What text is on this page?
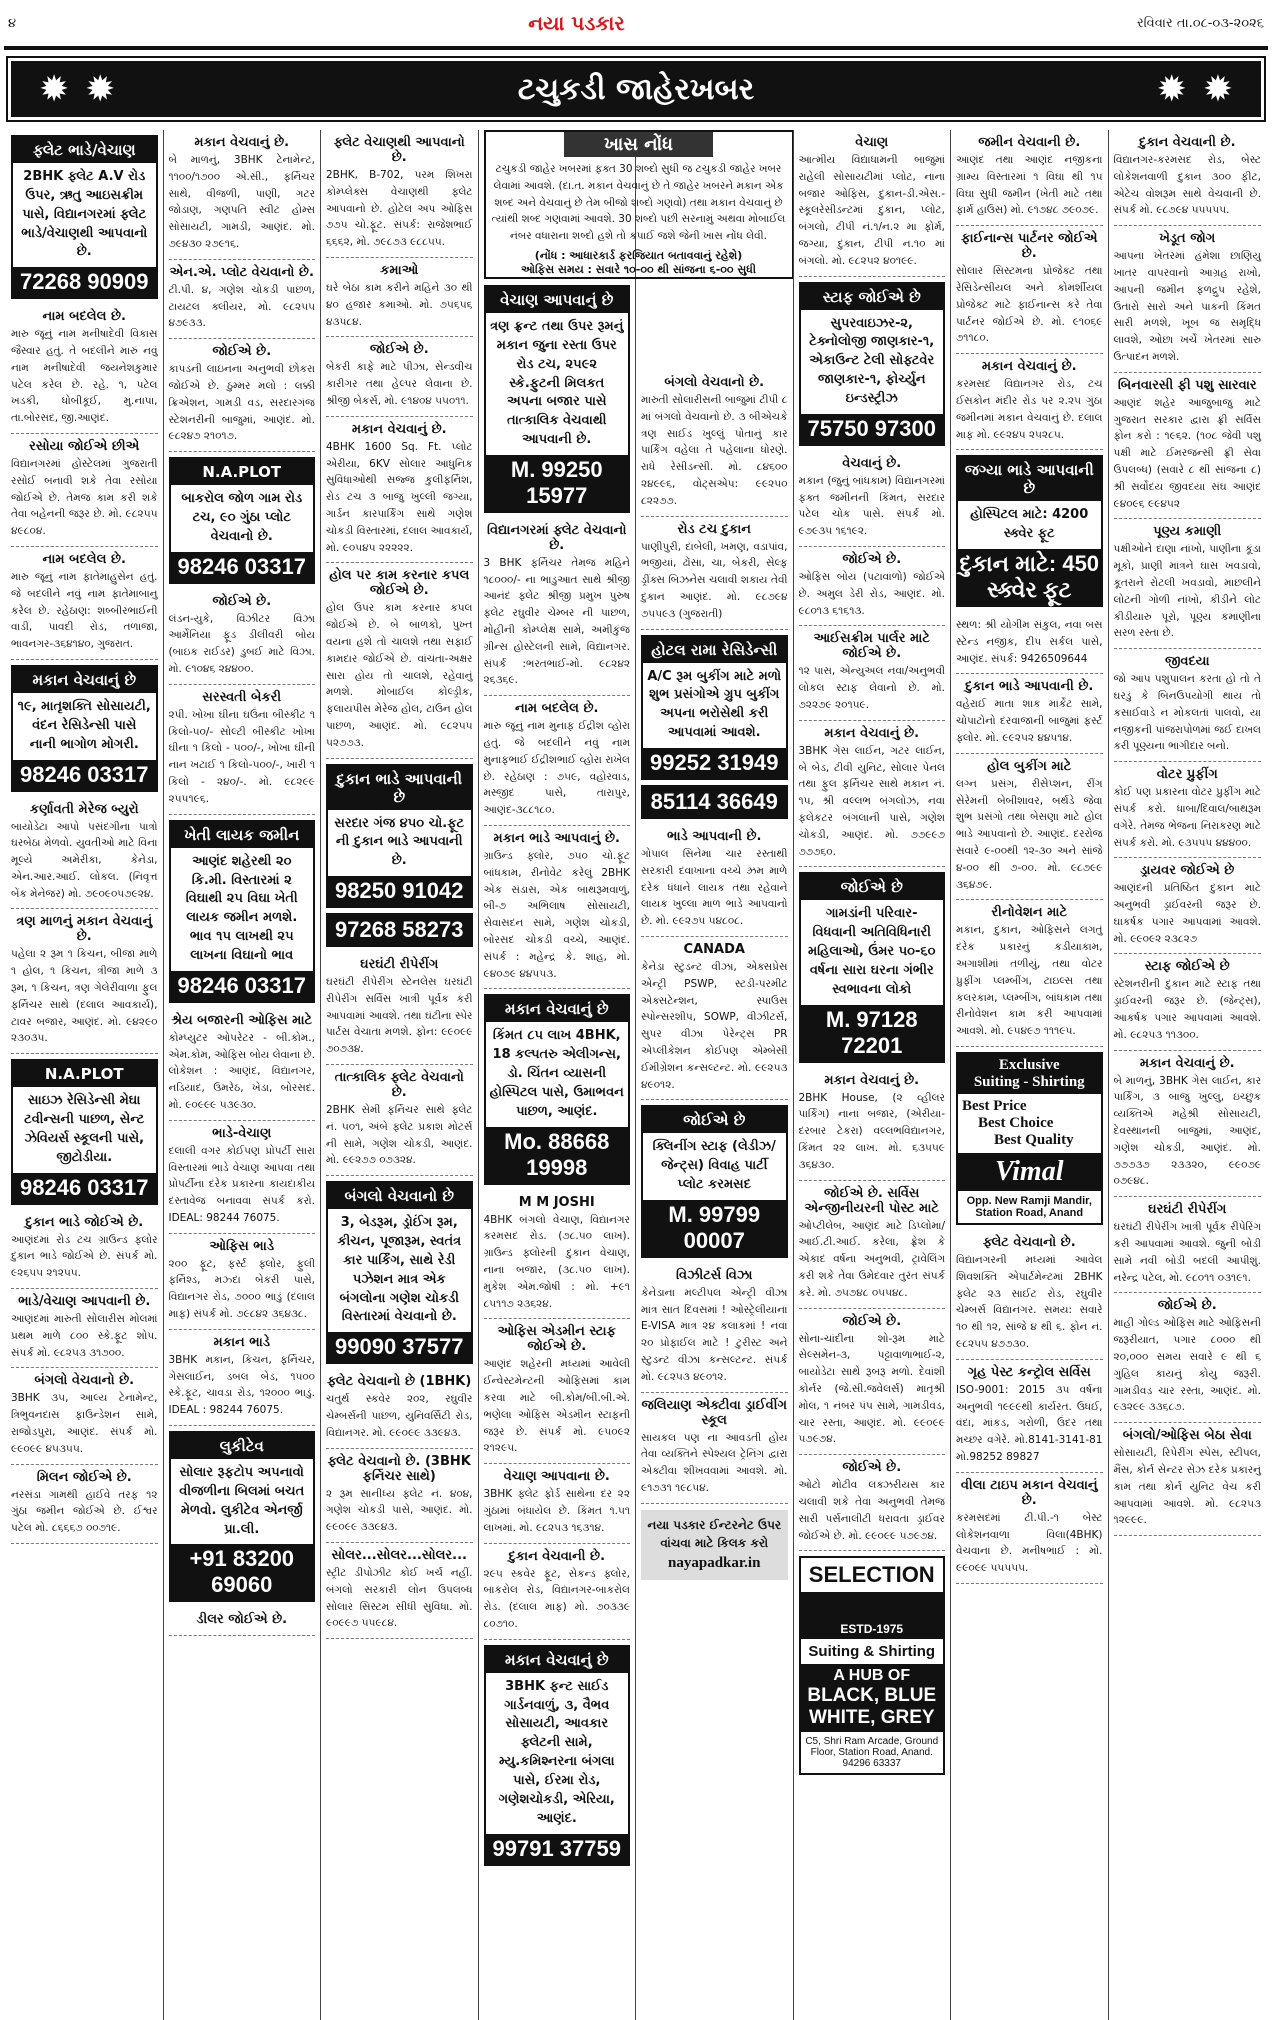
૪	નયા પડકાર	રવિવાર તા.૦૮-૦૩-૨૦૨૬
✹ ✹	ટચુકડી જાહેરખબર	✹ ✹
ફ્લેટ ભાડે/વેચાણ
2BHK ફ્લેટ A.V રોડ ઉપર, ઋતુ આઇસક્રીમ પાસે, વિદ્યાનગરમાં ફ્લેટ ભાડે/વેચાણથી આપવાનો છે.
72268 90909
નામ બદલેલ છે.
મારુ જૂનું નામ મનીષાદેવી વિકાસ જૈસ્વાર હતું. તે બદલીને મારું નવું નામ મનીષાદેવી જયનેશકુમાર પટેલ કરેલ છે. રહે. ૧, પટેલ ખડકી, ધોબીકૂઈ, મુ.નાપા, તા.બોરસદ, જી.આણંદ.
રસોયા જોઈએ છીએ
વિદ્યાનગરમાં હોસ્ટેલમાં ગુજરાતી રસોઈ બનાવી શકે તેવા રસોયા જોઈએ છે. તેમજ કામ કરી શકે તેવા બહેનની જરૂર છે. મો. ૯૮૨૫૫ ૪૯૮૦૪.
નામ બદલેલ છે.
મારુ જૂનું નામ ફાતેમાહુસેન હતું. જે બદલીને નવું નામ ફાતેમાબાનુ કરેલ છે. રહેઠાણ: શબ્બીરભાઈની વાડી, પાવદી રોડ, તળાજા, ભાવનગર-૩૬૪૧૪૦, ગુજરાત.
મકાન વેચવાનું છે
૧૯, માતૃશક્તિ સોસાયટી, વંદન રેસિડેન્સી પાસે નાની ભાગોળ મોગરી.
98246 03317
કર્ણાવતી મેરેજ બ્યુરો
બાયોડેટા આપો પસંદગીના પાત્રો ઘરબેઠા મેળવો. યુવતીઓ માટે વિના મૂલ્યે અમેરીકા, કેનેડા, એન.આર.આઈ. લોકલ. (નિવૃત્ત બેંક મેનેજર) મો. ૭૯૦૯૦૫૭૯૨૪.
ત્રણ માળનું મકાન વેચવાનું છે.
પહેલા ૨ રૂમ ૧ કિચન, બીજા માળે ૧ હોલ, ૧ કિચન, ત્રીજા માળે ૩ રૂમ, ૧ કિચન, ત્રણ ગેલેરીવાળા ફુલ ફર્નિચર સાથે (દલાલ આવકાર્ય), ટાવર બજાર, આણંદ. મો. ૯૪૨૯૦ ૨૩૦૩૫.
N.A.PLOT
સાઇઝ રેસિડેન્સી મેઘા ટવીન્સની પાછળ, સેન્ટ ઝેવિયર્સ સ્કૂલની પાસે, જીટોડીયા.
98246 03317
દુકાન ભાડે જોઈએ છે.
આણંદમાં રોડ ટચ ગ્રાઉન્ડ ફ્લોર દુકાન ભાડે જોઈએ છે. સંપર્ક મો. ૯૨૬૫૫ ૨૧૨૫૫.
ભાડે/વેચાણ આપવાની છે.
આણંદમાં મારુતી સોલારીસ મોલમાં પ્રથમ માળે ૮૦૦ સ્કે.ફૂટ શોપ. સંપર્ક મો. ૯૮૨૫૩ ૩૧૭૦૦.
બંગલો વેચવાનો છે.
3BHK ૩૫, આલ્ય ટેનામેન્ટ, ત્રિભુવનદાસ ફાઉન્ડેશન સામે, રાજોડપુરા, આણંદ. સંપર્ક મો. ૯૯૦૯૯ ૪૫૩૫૫.
મિલન જોઈએ છે.
નરસંડા ગામથી હાઈવે તરફ ૧૨ ગુંઠા જમીન જોઈએ છે. ઈશ્વર પટેલ મો. ૮૬૬૬૭ ૦૦૭૧૯.
મકાન વેચવાનું છે.
બે માળનું, 3BHK ટેનામેન્ટ, ૧૧૦૦/૧૭૦૦ એ.સી., ફર્નિચર સાથે, વીજળી, પાણી, ગટર જોડાણ, ગણપતિ સ્વીટ હોમ્સ સોસાયટી, ગામડી, આણંદ. મો. ૭૯૪૩૦ ૨૭૯૧૬.
એન.એ. પ્લોટ વેચવાનો છે.
ટી.પી. ૪, ગણેશ ચોકડી પાછળ, ટાયટલ ક્લીયર, મો. ૯૮૨૫૫ ૪૭૯૩૩.
જોઈએ છે.
કાપડની લાઇનના અનુભવી છોકરા જોઈએ છે. ઠુમ્મર મલો : લક્કી ક્રિએશન, ગામડી વડ, સરદારગંજ સ્ટેશનરીની બાજુમાં, આણંદ. મો. ૯૮૨૪૭ ૨૧૦૧૭.
N.A.PLOT
બાકરોલ જોળ ગામ રોડ ટચ, ૯૦ ગુંઠા પ્લોટ વેચવાનો છે.
98246 03317
જોઈએ છે.
લંડન-યુકે, વિઝીટર વિઝા આર્મેનિયા ફૂડ ડીલીવરી બોય (બાઇક રાઈડર) ડુબઈ માટે વિઝા. મો. ૯૧૦૪૬ ૨૪૪૦૦.
સરસ્વતી બેકરી
૨પી. ખોખા ઘીના ઘઉંના બીસ્કીટ ૧ કિલો-૫૦/- સોલ્ટી બીસ્કીટ ખોખા ઘીના ૧ કિલો - ૫૦૦/-, ખોખા ઘીની નાન ખટાઈ ૧ કિલો-૫૦૦/-, ખારી ૧ કિલો - ૨૪૦/-. મો. ૯૮૨૯૯ ૨૫૫૧૯૬.
ખેતી લાયક જમીન
આણંદ શહેરથી ૨૦ કિ.મી. વિસ્તારમાં ૨ વિઘાથી ૨૫ વિઘા ખેતી લાયક જમીન મળશે. ભાવ ૧૫ લાખથી ૨૫ લાખના વિઘાનો ભાવ
98246 03317
શ્રેય બજારની ઓફિસ માટે
કોમ્પ્યુટર ઓપરેટર - બી.કોમ., એમ.કોમ, ઓફિસ બોય લેવાના છે. લોકેશન : આણંદ, વિદ્યાનગર, નડિયાદ, ઉમરેઠ, ખેડા, બોરસદ. મો. ૯૦૯૯૯ ૫૩૯૩૦.
ભાડે-વેચાણ
દલાલી વગર કોઈપણ પ્રોપર્ટી સારા વિસ્તારમાં ભાડે વેચાણ આપવા તથા પ્રોપર્ટીના દરેક પ્રકારના કાયદાકીય દસ્તાવેજ બનાવવા સંપર્ક કરો. IDEAL: 98244 76075.
ઓફિસ ભાડે
૨૦૦ ફૂટ, ફર્સ્ટ ફ્લોર, ફુલી ફર્નિશ્ડ, મઝ્દા બેકરી પાસે, વિદ્યાનગર રોડ, ૭૦૦૦ ભાડું (દલાલ માફ) સંપર્ક મો. ૭૯૮૪૨ ૩૬૪૩૮.
મકાન ભાડે
3BHK મકાન, કિચન, ફર્નિચર, ગેસલાઈન, ડબલ બેડ, ૧૫૦૦ સ્કે.ફૂટ, ચાવડા રોડ, ૧૨૦૦૦ ભાડું. IDEAL : 98244 76075.
લુકીટેવ
સોલાર રૂફટોપ અપનાવો વીજળીના બિલમાં બચત મેળવો. લુકીટેવ એનર્જી પ્રા.લી.
+91 83200 69060
ડીલર જોઈએ છે.
ફ્લેટ વેચાણથી આપવાનો છે.
2BHK, B-702, પરમ શિખરા કોમ્પ્લેક્સ વેચાણથી ફ્લેટ આપવાનો છે. હોટેલ અપ ઓફિસ ૭૭૫ ચો.ફૂટ. સંપર્ક: રાજેશભાઈ ૬૬૬૨, મો. ૭૯૮૭૩ ૯૮૮૫૫.
કમાઓ
ઘરે બેઠા કામ કરીને મહિને ૩૦ થી ૪૦ હજાર કમાઓ. મો. ૭૫૬૫૬ ૪૩૫૮૪.
જોઈએ છે.
બેકરી કાફે માટે પીઝા, સેન્ડવીચ કારીગર તથા હેલ્પર લેવાના છે. શ્રીજી બેકર્સ, મો. ૯૧૪૦૪ ૫૫૦૧૧.
મકાન વેચવાનું છે.
4BHK 1600 Sq. Ft. પ્લોટ એરીયા, 6KV સોલાર આધુનિક સુવિધાઓથી સજ્જ કુલીફર્નિશ, રોડ ટચ ૩ બાજુ ખુલ્લી જગ્યા, ગાર્ડન કારપાર્કિંગ સાથે ગણેશ ચોકડી વિસ્તારમાં, દલાલ આવકાર્ય, મો. ૯૦૫૪૫ ૨૨૨૨૨.
હોલ પર કામ કરનાર કપલ જોઈએ છે.
હોલ ઉપર કામ કરનાર કપલ જોઈએ છે. બે બાળકો, પુખ્ત વયના હશે તો ચાલશે તથા સફાઈ કામદાર જોઈએ છે. વાંચતા-અક્ષર સારા હોય તો ચાલશે, રહેવાનું મળશે. મોબાઈલ કોલ્ડ્રીક, ફલાયપીસ મેરેજ હોલ, ટાઉન હોલ પાછળ, આણંદ. મો. ૯૮૨૫૫ ૫૨૭૭૩.
દુકાન ભાડે આપવાની છે
સરદાર ગંજ ૪૫૦ ચો.ફૂટ ની દુકાન ભાડે આપવાની છે.
98250 91042
97268 58273
ઘરઘંટી રીપેરીંગ
ઘરઘંટી રીપેરીંગ સ્ટેનલેસ ઘરઘંટી રીપેરીંગ સર્વિસ ખાત્રી પૂર્વક કરી આપવામાં આવશે. તથા ઘંટીના સ્પેર પાર્ટસ વેચાતા મળશે. ફોન: ૯૯૦૯૯ ૭૦૭૩૪.
તાત્કાલિક ફ્લેટ વેચવાનો છે.
2BHK સેમી ફર્નિચર સાથે ફ્લેટ નં. ૫૦૧, અંબે ફ્લેટ પ્રકાશ મોટર્સ ની સામે, ગણેશ ચોકડી, આણંદ. મો. ૯૯૨૭૭ ૦૭૩૨૪.
બંગલો વેચવાનો છે
3, બેડરૂમ, ડ્રોઈંગ રૂમ, કીચન, પૂજારૂમ, સ્વતંત્ર કાર પાર્કિંગ, સાથે રેડી પઝેશન માત્ર એક બંગલોના ગણેશ ચોકડી વિસ્તારમાં વેચવાનો છે.
99090 37577
ફ્લેટ વેચવાનો છે (1BHK)
ચતુર્થ સ્કવેર ૨૦૨, રઘુવીર ચેમ્બર્સની પાછળ, યુનિવર્સિટી રોડ, વિદ્યાનગર. મો. ૯૯૦૯૯ ૩૩૯૪૩.
ફ્લેટ વેચવાનો છે. (3BHK ફર્નિચર સાથે)
૨ રૂમ સાનીધ્ય ફ્લેટ નં. ૪૦૪, ગણેશ ચોકડી પાસે, આણંદ. મો. ૯૯૦૯૯ ૩૩૯૪૩.
સોલર...સોલર...સોલર...
સ્ટ્રીટ ડીપોઝીટ કોઈ ખર્ચ નહીં. બંગલો સરકારી લોન ઉપલબ્ધ સોલાર સિસ્ટમ સીધી સુવિધા. મો. ૯૦૯૯૭ ૫૫૯૮૪.
ખાસ નોંધ
ટચુકડી જાહેર ખબરમાં ફક્ત 30 શબ્દો સુધી જ ટચુકડી જાહેર ખબર લેવામાં આવશે. (દા.ત. મકાન વેચવાનું છે તે જાહેર ખબરને મકાન એક શબ્દ અને વેચવાનું છે તેમ બીજો શબ્દો ગણવો) તથા મકાન વેચવાનું છે ત્યાંથી શબ્દ ગણવામાં આવશે. 30 શબ્દો પછી સરનામું અથવા મોબાઈલ નંબર વધારાના શબ્દો હશે તો કપાઈ જશે જેની ખાસ નોંધ લેવી.
(નોંધ : આધારકાર્ડ ફરજિયાત બતાવવાનું રહેશે)
ઓફિસ સમય : સવારે ૧૦-૦૦ થી સાંજના ૬-૦૦ સુધી
વેચાણ આપવાનું છે
ત્રણ ફ્રન્ટ તથા ઉપર રૂમનું મકાન જુના રસ્તા ઉપર રોડ ટચ, ૨૫૯૨ સ્કે.ફુટની મિલકત અપના બજાર પાસે તાત્કાલિક વેચવાથી આપવાની છે.
M. 99250 15977
વિદ્યાનગરમાં ફ્લેટ વેચવાનો છે.
3 BHK ફર્નિચર તેમજ મહિને ૧૮૦૦૦/- ના ભાડુઆત સાથે શ્રીજી આનંદ ફ્લેટ શ્રીજી પ્રમુખ પુરુષ ફ્લેટ રઘુવીર ચેમ્બર ની પાછળ, મોહીની કોમ્પ્લેક્ષ સામે, અમીકુંજ ગ્રીન્સ હોસ્ટેલની સામે, વિદ્યાનગર. સંપર્ક :ભરતભાઈ-મો. ૯૮૨૪૨ ૨૬૩૬૯.
નામ બદલેલ છે.
મારુ જૂનું નામ મુનાફ ઈદ્રીશ વ્હોરા હતું. જે બદલીને નવું નામ મુનાફભાઈ ઈદ્રીશભાઈ વ્હોરા રાખેલ છે. રહેઠાણ : ૭૫૯, વહોરવાડ, મસ્જીદ પાસે, તારાપુર, આણંદ-૩૮૮૧૮૦.
મકાન ભાડે આપવાનું છે.
ગ્રાઉન્ડ ફ્લોર, ૭૫૦ ચો.ફૂટ બાંધકામ, રીનોવેટ કરેલું 2BHK એક સંડાસ, એક બાથરૂમવાળું, બી-૭ અભિલાષ સોસાયટી, સેવાસદન સામે, ગણેશ ચોકડી, બોરસદ ચોકડી વચ્ચે, આણંદ. સંપર્ક : મહેન્દ્ર કે. શાહ, મો. ૯૪૦૭૯ ૪૪૫૫૩.
મકાન વેચવાનું છે
કિંમત ૮૫ લાખ 4BHK, 18 કલ્પતરુ એલીગન્સ, ડો. ચિંતન વ્યાસની હોસ્પિટલ પાસે, ઉમાભવન પાછળ, આણંદ.
Mo. 88668 19998
M M JOSHI
4BHK બંગલો વેચાણ, વિદ્યાનગર કરમસદ રોડ. (૭૮.૫૦ લાખ). ગ્રાઉન્ડ ફ્લોરની દુકાન વેચાણ, નાના બજાર, (૩૮.૫૦ લાખ). મુકેશ એમ.જોષી : મો. +૯૧ ૮૫૧૧૭ ૨૩૬૨૪.
ઓફિસ એડમીન સ્ટાફ જોઈએ છે.
આણંદ શહેરની મધ્યમાં આવેલી ઈન્વેસ્ટમેન્ટની ઓફિસમાં કામ કરવા માટે બી.કોમ/બી.બી.એ. ભણેલા ઓફિસ એડમીન સ્ટાફની જરૂર છે. સંપર્ક મો. ૯૫૦૯૨ ૨૧૨૯૫.
વેચાણ આપવાના છે.
3BHK ફ્લેટ ફોર્ડ સાથેના દર ૨૨ ગુંઠામાં બંધાયેલ છે. કિંમત ૧.૫૧ લાખમાં. મો. ૯૮૨૫૩ ૧૬૩૧૪.
દુકાન વેચવાની છે.
૨૯૫ સ્કવેર ફૂટ, સેકન્ડ ફ્લોર, બાકરોલ રોડ, વિદ્યાનગર-બાકરોલ રોડ. (દલાલ માફ) મો. ૭૦૩૩૯ ૮૦૭૧૦.
મકાન વેચવાનું છે
3BHK ફન્ટ સાઈડ ગાર્ડનવાળું, ૩, વૈભવ સોસાયટી, આવકાર ફ્લેટની સામે, મ્યુ.કમિશ્નરના બંગલા પાસે, ઈરમા રોડ, ગણેશચોકડી, એરિયા, આણંદ.
99791 37759
બંગલો વેચવાનો છે.
મારુતી સોલારીસની બાજુમાં ટીપી ૮ માં બંગલો વેચવાનો છે. ૩ બીએચકે ત્રણ સાઈડ ખુલ્લું પોતાનું કાર પાર્કિંગ વહેલા તે પહેલાના ધોરણે. રાધે રેસીડન્સી. મો. ૮૪૬૦૦ ૨૪૯૯૬, વોટ્સએપ: ૯૯૨૫૦ ૮૨૨૭૭.
રોડ ટચ દુકાન
પાણીપુરી, દાબેલી, ખમણ, વડાપાંવ, ભજીયાં, ઢોંસા, ચા, બેકરી, સેલ્ફ ડ્રીંક્સ બિઝનેસ ચલાવી શકાય તેવી દુકાન આણંદ. મો. ૯૮૭૯૪ ૭૫૫૯૩ (ગુજરાતી)
હોટલ રામા રેસિડેન્સી
A/C રૂમ બુકીંગ માટે મળો શુભ પ્રસંગોએ ગ્રુપ બુકીંગ અપના ભરોસેથી કરી આપવામાં આવશે.
99252 31949
85114 36649
ભાડે આપવાની છે.
ગોપાલ સિનેમા ચાર રસ્તાથી સરકારી દવાખાના વચ્ચે ઝ્રમ માળે દરેક ધંધાને લાયક તથા રહેવાને લાયક ખુલ્લા માળ ભાડે આપવાનો છે. મો. ૯૯૨૭૫ ૫૪૮૦૮.
CANADA
કેનેડા સ્ટુડન્ટ વીઝા, એક્સપ્રેસ એન્ટ્રી PSWP, સ્ટડી-પરમીટ એક્સટેન્શન, સ્પાઉસ સ્પોન્સરશીપ, SOWP, વીઝીટર્સ, સુપર વીઝા પેરેન્ટ્સ PR એપ્લીકેશન કોઈપણ એમ્બેસી ઈમીગ્રેશન કન્સલ્ટન્ટ. મો. ૯૯૨૫૩ ૪૯૦૧૨.
જોઈએ છે
ક્લિનીંગ સ્ટાફ (લેડીઝ/જેન્ટ્સ) વિવાહ પાર્ટી પ્લોટ કરમસદ
M. 99799 00007
વિઝીટર્સ વિઝા
કેનેડાના મલ્ટીપલ એન્ટ્રી વીઝા માત્ર સાત દિવસમાં ! ઓસ્ટ્રેલીયાના E-VISA માત્ર ૨૪ કલાકમાં ! નવા ૨૦ પ્રોફાઈલ માટે ! ટુરીસ્ટ અને સ્ટુડન્ટ વીઝા કન્સલ્ટન્ટ. સંપર્ક મો. ૯૮૨૫૩ ૪૯૦૧૨.
જલિયાણ એક્ટીવા ડ્રાઈવીંગ સ્કૂલ
સાયકલ પણ ના આવડતી હોય તેવા વ્યક્તિને સ્પેશ્યલ ટ્રેનિંગ દ્વારા એક્ટીવા શીખવવામાં આવશે. મો. ૯૧૭૩૧ ૧૯૮૫૪.
નયા પડકાર ઈન્ટરનેટ ઉપર વાંચવા માટે કિલક કરો
nayapadkar.in
વેચાણ
આત્મીય વિદ્યાધામની બાજુમાં રાહેલી સોસાયટીમાં પ્લોટ, નાના બજાર ઓફિસ, દુકાન-ડી.એસ.-સ્કૂલરેસીડન્ટમાં દુકાન, પ્લોટ, બંગલો, ટીપી નં.૧/ન.૨ મા ફોર્મ, જગ્યા, દુકાન, ટીપી ન.૧૦ માં બંગલો. મો. ૯૮૨૫૨ ૪૦૧૯૯.
સ્ટાફ જોઈએ છે
સુપરવાઇઝર-૨, ટેક્નોલોજી જાણકાર-૧, એકાઉન્ટ ટેલી સોફ્ટવેર જાણકાર-૧, ફોર્ચ્યુન ઇન્ડસ્ટ્રીઝ
75750 97300
વેચવાનું છે.
મકાન (જુનું બાંધકામ) વિદ્યાનગરમાં ફક્ત જમીનની કિંમત, સરદાર પટેલ ચોક પાસે. સંપર્ક મો. ૯૭૯૩૫ ૧૬૧૯૨.
જોઈએ છે.
ઓફિસ બોય (પટાવાળો) જોઈએ છે. અમુલ ડેરી રોડ, આણંદ. મો. ૯૮૦૧૩ ૬૧૬૧૩.
આઈસક્રીમ પાર્લર માટે જોઈએ છે.
૧૨ પાસ, એન્યુઅલ નવા/અનુભવી લોકલ સ્ટાફ લેવાનો છે. મો. ૭૨૨૭૯ ૨૦૧૫૯.
મકાન વેચવાનું છે.
3BHK ગેસ લાઈન, ગટર લાઈન, બે બેડ, ટીવી યુનિટ, સોલાર પેનલ તથા ફુલ ફર્નિચર સાથે મકાન નં. ૧૫, શ્રી વલ્લભ બંગલોઝ, નવા ફલેકટર બંગલાની પાસે, ગણેશ ચોકડી, આણંદ. મો. ૭૭૯૯૭ ૭૭૭૬૦.
જોઈએ છે
ગામડાંની પરિવાર-વિધવાની અતિવિધિનારી મહિલાઓ, ઉંમર ૫૦-૬૦ વર્ષના સારા ઘરના ગંભીર સ્વભાવના લોકો
M. 97128 72201
મકાન વેચવાનું છે.
2BHK House, (૨ વ્હીલર પાર્કિંગ) નાના બજાર, (એરીયા-દરબાર ટેકરા) વલ્લભવિદ્યાનગર, કિંમત ૨૨ લાખ. મો. ૬૩૫૫૯ ૩૬૪૩૦.
જોઈએ છે. સર્વિસ એન્જીનીયરની પોસ્ટ માટે
ઓપ્ટીલેબ, આણંદ માટે ડિપ્લોમા/આઈ.ટી.આઈ. કરેલા, ફ્રેશ કે એકાદ વર્ષના અનુભવી, ટ્રાવેલિંગ કરી શકે તેવા ઉમેદવાર તુરંત સંપર્ક કરે. મો. ૭૫૭૪૮ ૦૫૫૪૮.
જોઈએ છે.
સોના-ચાંદીના શો-રૂમ માટે સેલ્સમેન-૩, પટ્ટાવાળાભાઈ-૨, બાયોડેટા સાથે રૂબરૂ મળો. દેવાંશી કોર્નર (જે.સી.જવેલર્સ) માતૃશ્રી મોલ, ૧ નંબર પંપ સામે, ગામડીવડ, ચાર રસ્તા, આણંદ. મો. ૯૯૦૯૯ ૫૭૯૭૪.
જોઈએ છે.
ઓટો મોટીવ લક્ઝરીયસ કાર ચલાવી શકે તેવા અનુભવી તેમજ સારી પર્સનાલીટી ધરાવતા ડ્રાઈવર જોઈએ છે. મો. ૯૯૦૯૯ ૫૭૯૭૪.
SELECTION
ESTD-1975
Suiting & Shirting
A HUB OF
BLACK, BLUE
WHITE, GREY
C5, Shri Ram Arcade, Ground Floor, Station Road, Anand. 94296 63337
જમીન વેચવાની છે.
આણંદ તથા આણંદ નજીકના ગ્રામ્ય વિસ્તારમાં ૧ વિઘા થી ૧૫ વિઘા સુધી જમીન (ખેતી માટે તથા ફાર્મ હાઉસ) મો. ૯૧૭૪૮ ૭૯૦૭૯.
ફાઈનાન્સ પાર્ટનર જોઈએ છે.
સોલાર સિસ્ટમના પ્રોજેક્ટ તથા રેસિડેન્સીયલ અને કોમર્શીયલ પ્રોજેક્ટ માટે ફાઈનાન્સ કરે તેવા પાર્ટનર જોઈએ છે. મો. ૯૧૦૬૯ ૭૧૧૮૦.
મકાન વેચવાનું છે.
કરમસદ વિદ્યાનગર રોડ, ટચ ઈસકોન મંદીર રોડ પર ૨.૨૫ ગુંઠા જમીનમાં મકાન વેચવાનું છે. દલાલ માફ મો. ૯૯૨૪૫ ૨૫૨૮૫.
જગ્યા ભાડે આપવાની છે
હોસ્પિટલ માટે: 4200 સ્ક્વેર ફૂટ
દુકાન માટે: 450 સ્ક્વેર ફૂટ
સ્થળ: શ્રી યોગીમ સંકુલ, નવા બસ સ્ટેન્ડ નજીક, દીપ સર્કલ પાસે, આણંદ. સંપર્ક: 9426509644
દુકાન ભાડે આપવાની છે.
વહેરાઈ માતા શાક માર્કેટ સામે, ચોપાટોનો દરવાજાની બાજુમાં ફર્સ્ટ ફ્લોર. મો. ૯૯૨૫૨ ૪૪૫૧૪.
હોલ બુકીંગ માટે
લગ્ન પ્રસંગ, રીસેપ્શન, રીંગ સેરેમની બેબીશાવર, બર્થડે જેવા શુભ પ્રસંગો તથા બેસણા માટે હોલ ભાડે આપવાનો છે. આણંદ. દરરોજ સવારે ૯-૦૦થી ૧૨-૩૦ અને સાંજે ૪-૦૦ થી ૭-૦૦. મો. ૯૮૭૯૯ ૩૬૪૭૯.
રીનોવેશન માટે
મકાન, દુકાન, ઓફિસને લગતું દરેક પ્રકારનું કડીયાકામ, અગાશીમાં તળીયું, તથા વોટર પ્રુફીંગ પ્લમ્બીંગ, ટાઇલ્સ તથા કલરકામ, પ્લમ્બીંગ, બાંધકામ તથા રીનોવેશન કામ કરી આપવામાં આવશે. મો. ૯૫૪૯૭ ૧૧૧૯૫.
Exclusive
Suiting - Shirting
Best Price
Best Choice
Best Quality
Vimal
Opp. New Ramji Mandir, Station Road, Anand
ફ્લેટ વેચવાનો છે.
વિદ્યાનગરની મધ્યમાં આવેલ શિવશક્તિ એપાર્ટમેન્ટમાં 2BHK ફ્લેટ ૨૩ સાઈટ રોડ, રઘુવીર ચેમ્બર્સ વિદ્યાનગર. સમય: સવારે ૧૦ થી ૧૨, સાંજે ૪ થી ૬. ફોન નં. ૯૮૨૫૫ ૪૭૭૩૦.
ગૃહ પેસ્ટ કન્ટ્રોલ સર્વિસ
ISO-9001: 2015 ૩૫ વર્ષના અનુભવી ૧૯૯૯થી કાર્યરત. ઉધઈ, વંદા, માંકડ, ગરોળી, ઉંદર તથા મચ્છર વગેરે. મો.8141-3141-81 મો.98252 89827
વીલા ટાઇપ મકાન વેચવાનું છે.
કરમસદમાં ટી.પી.-૧ બેસ્ટ લોકેશનવાળા વિલા(4BHK) વેચવાના છે. મનીષભાઈ : મો. ૯૯૦૯૯ ૫૫૫૫૫.
દુકાન વેચવાની છે.
વિદ્યાનગર-કરમસદ રોડ, બેસ્ટ લોકેશનવાળી દુકાન ૩૦૦ ફીટ, એટેચ વોશરૂમ સાથે વેચવાની છે. સંપર્ક મો. ૯૮૭૯૪ ૫૫૫૫૫.
ખેડૂત જોગ
આપના ખેતરમાં હંમેશા છાણિયુ ખાતર વાપરવાનો આગ્રહ રાખો, આપની જમીન ફળદ્રુપ રહેશે, ઉતારો સારો અને પાકની કિંમત સારી મળશે, ખૂબ જ સમૃદ્ધિ લાવશે, ઓછા ખર્ચે ખેતરમાં સારુ ઉત્પાદન મળશે.
બિનવારસી ફી પશુ સારવાર
આણંદ શહેર આજુબાજુ માટે ગુજરાત સરકાર દ્વારા ફ્રી સર્વિસ ફોન કરો : ૧૯૬૨. (૧૦૮ જેવી પશુ પક્ષી માટે ઈમરજન્સી ફ્રી સેવા ઉપલબ્ધ) (સવારે ૮ થી સાંજના ૮) શ્રી સર્વોદય જીવદયા સંઘ આણંદ ૯૪૦૯૬ ૯૯૪૫૨
પૂણ્ય કમાણી
પક્ષીઓને દાણા નાંખો, પાણીના કૂંડા મૂકો, પ્રાણી માત્રને ઘાસ ખવડાવો, કૂતરાને રોટલી ખવડાવો, માછલીને લોટની ગોળી નાંખો, કીડીને લોટ કીડીયારુ પૂરો, પૂણ્ય કમાણીના સરળ રસ્તા છે.
જીવદયા
જો આપ પશુપાલન કરતા હો તો તે ઘરડું કે બિનઉપયોગી થાય તો કસાઈવાડે ન મોકલતાં પાલવો, યા નજીકની પાંજરાપોળમાં જઈ દાખલ કરી પૂણ્યના ભાગીદાર બનો.
વોટર પ્રુફીંગ
કોઈ પણ પ્રકારના વોટર પ્રુફીંગ માટે સંપર્ક કરો. ધાબા/દિવાલ/બાથરૂમ વગેરે. તેમજ ભેજના નિરાકરણ માટે સંપર્ક કરો. મો. ૯૩૫૫૫ ૪૪૪૦૦.
ડ્રાયવર જોઈએ છે
આણંદની પ્રતિષ્ઠિત દુકાન માટે અનુભવી ડ્રાઈવરની જરૂર છે. ઘાકર્ષક પગાર આપવામાં આવશે. મો. ૯૯૦૯૨ ૨૩૮૨૭
સ્ટાફ જોઈએ છે
સ્ટેશનરીની દુકાન માટે સ્ટાફ તથા ડ્રાઈવરની જરૂર છે. (જેન્ટ્સ), આકર્ષક પગાર આપવામાં આવશે. મો. ૯૮૨૫૩ ૧૧૩૦૦.
મકાન વેચવાનું છે.
બે માળનું, 3BHK ગેસ લાઈન, કાર પાર્કિંગ, ૩ બાજુ ખુલ્લુ, ઇચ્છુક વ્યક્તિએ મહેશ્રી સોસાયટી, દેવસ્થાનની બાજુમાં, આણંદ, ગણેશ ચોકડી, આણંદ. મો. ૭૭૭૩૭ ૨૩૩૨૦, ૯૯૦૭૯ ૦૭૯૪૮.
ઘરઘંટી રીપેરીંગ
ઘરઘંટી રીપેરીંગ ખાત્રી પૂર્વક રીપેરિંગ કરી આપવામાં આવશે. જુની બોડી સામે નવી બોડી બદલી આપીશું. નરેન્દ્ર પટેલ, મો. ૯૮૦૧૧ ૦૩૧૯૧.
જોઈએ છે.
માહી ગોલ્ડ ઓફિસ માટે ઓફિસની જરૂરીયાત, પગાર ૮૦૦૦ થી ૨૦,૦૦૦ સમય સવારે ૯ થી ૬ ગુહિલ કાયનું કોયુ જરૂરી. ગામડીવડ ચાર રસ્તા, આણંદ. મો. ૯૩૨૯૯ ૩૩૬૮૭.
બંગલો/ઓફિસ બેઠા સેવા
સોસાયટી, રિપેરીંગ સ્પેસ, સ્ટીપલ, મૈંસ, કોર્ન સેન્ટર સેઝ દરેક પ્રકારનું કામ તથા કોર્ન યુનિટ વેચ કરી આપવામાં આવશે. મો. ૯૮૨૫૩ ૧૨૯૯૯.
